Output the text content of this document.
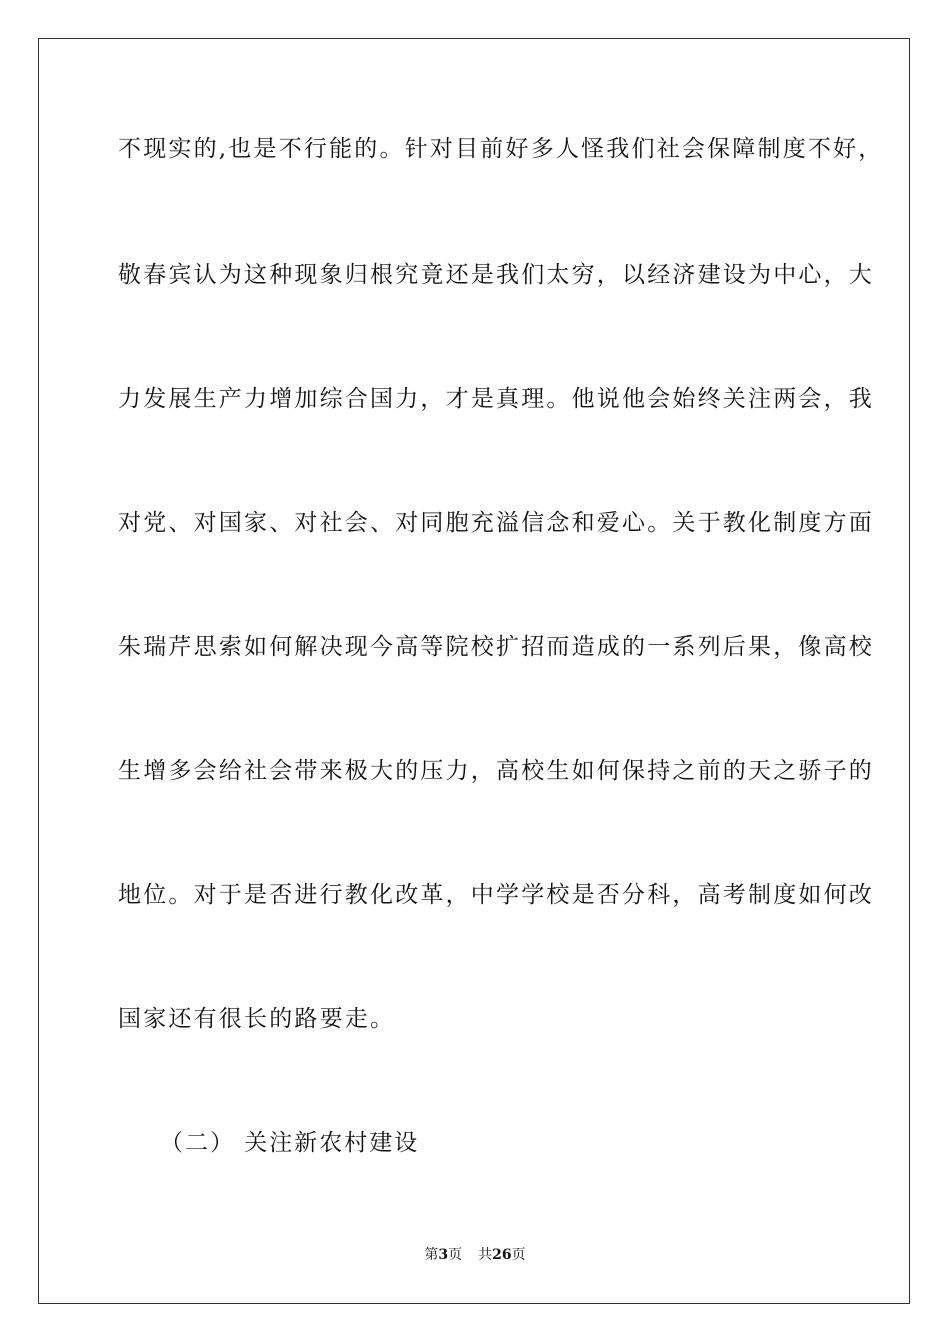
不现实的,也是不行能的。针对目前好多人怪我们社会保障制度不好，
敬春宾认为这种现象归根究竟还是我们太穷，以经济建设为中心，大
力发展生产力增加综合国力，才是真理。他说他会始终关注两会，我
对党、对国家、对社会、对同胞充溢信念和爱心。关于教化制度方面
朱瑞芹思索如何解决现今高等院校扩招而造成的一系列后果，像高校
生增多会给社会带来极大的压力，高校生如何保持之前的天之骄子的
地位。对于是否进行教化改革，中学学校是否分科，高考制度如何改
国家还有很长的路要走。
（二） 关注新农村建设
第3页 共26页
